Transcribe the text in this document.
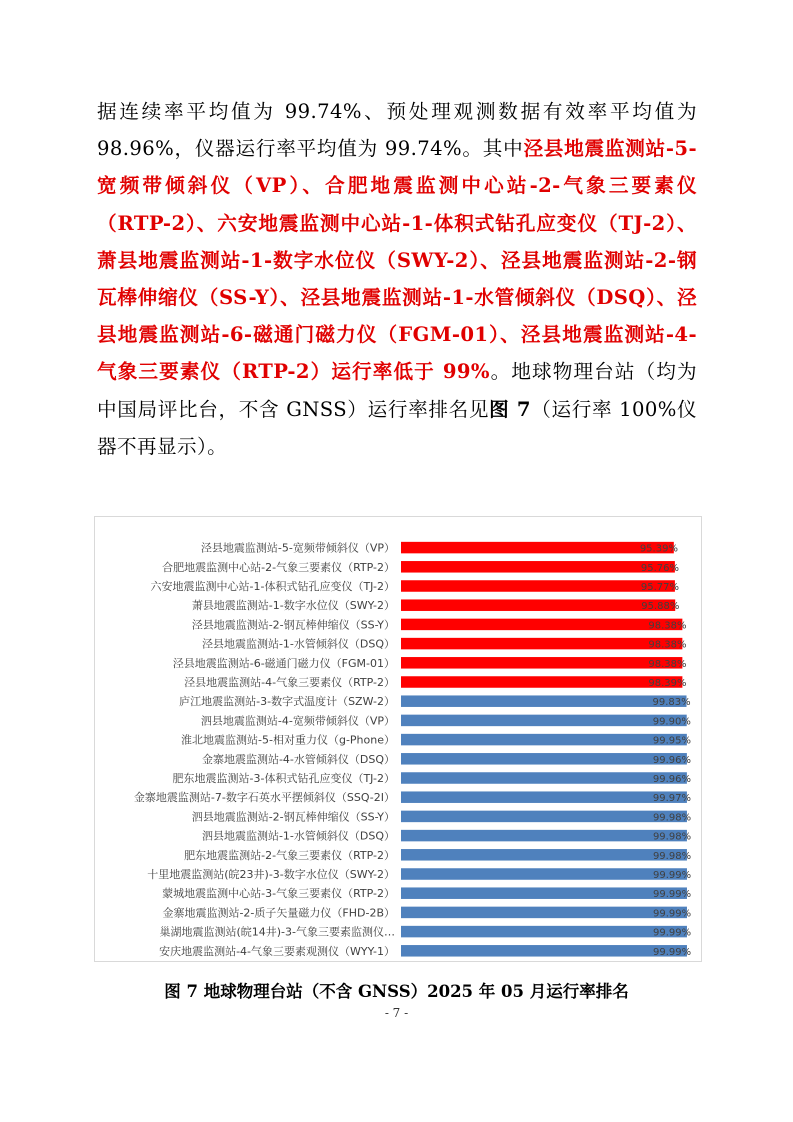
据连续率平均值为 99.74%、预处理观测数据有效率平均值为 98.96%，仪器运行率平均值为 99.74%。其中泾县地震监测站-5-宽频带倾斜仪（VP）、合肥地震监测中心站-2-气象三要素仪（RTP-2）、六安地震监测中心站-1-体积式钻孔应变仪（TJ-2）、萧县地震监测站-1-数字水位仪（SWY-2）、泾县地震监测站-2-钢瓦棒伸缩仪（SS-Y）、泾县地震监测站-1-水管倾斜仪（DSQ）、泾县地震监测站-6-磁通门磁力仪（FGM-01）、泾县地震监测站-4-气象三要素仪（RTP-2）运行率低于 99%。地球物理台站（均为中国局评比台，不含 GNSS）运行率排名见图 7（运行率 100%仪器不再显示）。

泾县地震监测站-5-宽频带倾斜仪（VP）	95.39%
合肥地震监测中心站-2-气象三要素仪（RTP-2）	95.76%
六安地震监测中心站-1-体积式钻孔应变仪（TJ-2）	95.77%
萧县地震监测站-1-数字水位仪（SWY-2）	95.88%
泾县地震监测站-2-钢瓦棒伸缩仪（SS-Y）	98.38%
泾县地震监测站-1-水管倾斜仪（DSQ）	98.38%
泾县地震监测站-6-磁通门磁力仪（FGM-01）	98.38%
泾县地震监测站-4-气象三要素仪（RTP-2）	98.39%
庐江地震监测站-3-数字式温度计（SZW-2）	99.83%
泗县地震监测站-4-宽频带倾斜仪（VP）	99.90%
淮北地震监测站-5-相对重力仪（g-Phone）	99.95%
金寨地震监测站-4-水管倾斜仪（DSQ）	99.96%
肥东地震监测站-3-体积式钻孔应变仪（TJ-2）	99.96%
金寨地震监测站-7-数字石英水平摆倾斜仪（SSQ-2I）	99.97%
泗县地震监测站-2-钢瓦棒伸缩仪（SS-Y）	99.98%
泗县地震监测站-1-水管倾斜仪（DSQ）	99.98%
肥东地震监测站-2-气象三要素仪（RTP-2）	99.98%
十里地震监测站(皖23井)-3-数字水位仪（SWY-2）	99.99%
蒙城地震监测中心站-3-气象三要素仪（RTP-2）	99.99%
金寨地震监测站-2-质子矢量磁力仪（FHD-2B）	99.99%
巢湖地震监测站(皖14井)-3-气象三要素监测仪…	99.99%
安庆地震监测站-4-气象三要素观测仪（WYY-1）	99.99%

图 7 地球物理台站（不含 GNSS）2025 年 05 月运行率排名

- 7 -
